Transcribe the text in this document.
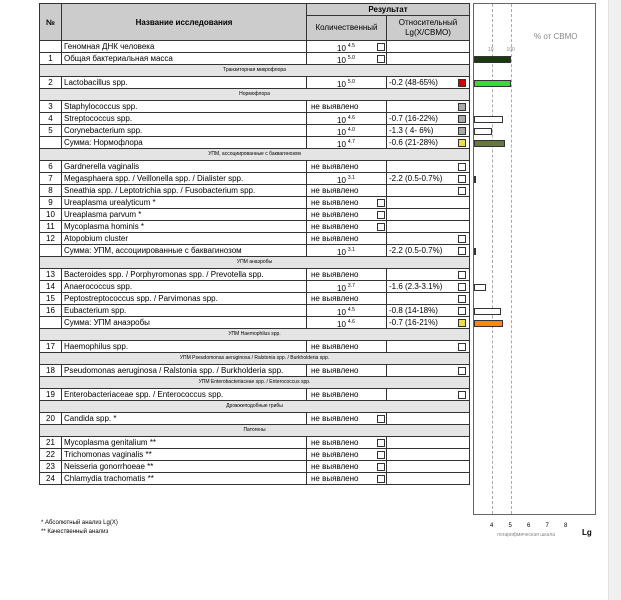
№	Название исследования	Результат	
		Количественный	Относительный
Lg(X/СВМО)

	Геномная ДНК человека	10 $^{4.5}$

1	Общая бактериальная масса	10 $^{5.0}$

Транзиторная микрофлора			
2	Lactobacillus spp.	10 $^{5.0}$	-0.2 (48-65%)

Нормофлора			
3	Staphylococcus spp.	не выявлено	

4	Streptococcus spp.	10 $^{4.6}$	-0.7 (16-22%)

5	Corynebacterium spp.	10 $^{4.0}$	-1.3 ( 4- 6%)

	Сумма: Нормофлора	10 $^{4.7}$	-0.6 (21-28%)

УПМ, ассоциированные с баквагинозом			
6	Gardnerella vaginalis	не выявлено	

7	Megasphaera spp. / Veillonella spp. / Dialister spp.	10 $^{3.1}$	-2.2 (0.5-0.7%)

8	Sneathia spp. / Leptotrichia spp. / Fusobacterium spp.	не выявлено	

9	Ureaplasma urealyticum *	не выявлено

10	Ureaplasma parvum *	не выявлено

11	Mycoplasma hominis *	не выявлено

12	Atopobium cluster	не выявлено	

	Сумма: УПМ, ассоциированные с баквагинозом	10 $^{3.1}$	-2.2 (0.5-0.7%)

УПМ анаэробы			
13	Bacteroides spp. / Porphyromonas spp. / Prevotella spp.	не выявлено	

14	Anaerococcus spp.	10 $^{3.7}$	-1.6 (2.3-3.1%)

15	Peptostreptococcus spp. / Parvimonas spp.	не выявлено	

16	Eubacterium spp.	10 $^{4.5}$	-0.8 (14-18%)

	Сумма: УПМ анаэробы	10 $^{4.6}$	-0.7 (16-21%)

УПМ Haemophilus spp.			
17	Haemophilus spp.	не выявлено	

УПМ Pseudomonas aeruginosa / Ralstonia spp. / Burkholderia spp.			
18	Pseudomonas aeruginosa / Ralstonia spp. / Burkholderia spp.	не выявлено	

УПМ Enterobacteriaceae spp. / Enterococcus spp.			
19	Enterobacteriaceae spp. / Enterococcus spp.	не выявлено	

Дрожжеподобные грибы			
20	Candida spp. *	не выявлено

Патогены			
21	Mycoplasma genitalium **	не выявлено

22	Trichomonas vaginalis **	не выявлено

23	Neisseria gonorrhoeae **	не выявлено

24	Chlamydia trachomatis **	не выявлено

* Абсолютный анализ Lg(X)
** Качественный анализ
% от СВМО
10	100
логарифмическая шкала	Lg
4	5	6	7	8
